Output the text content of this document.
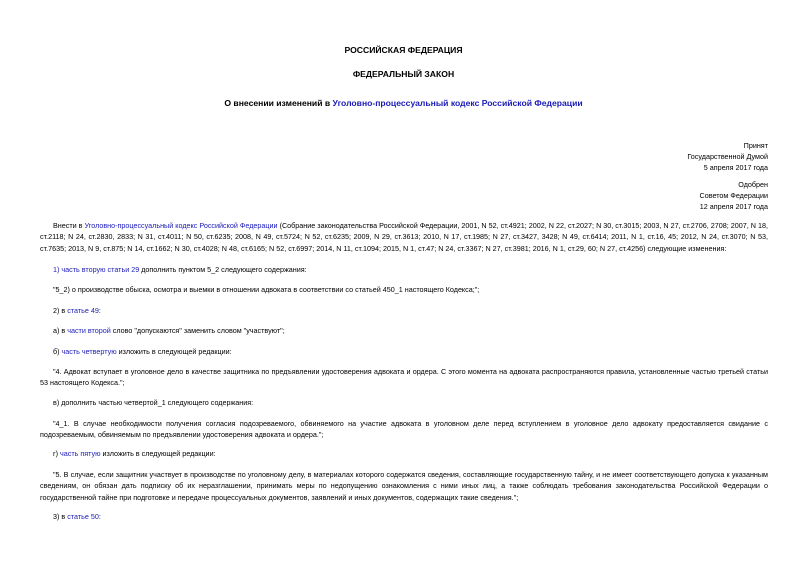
РОССИЙСКАЯ ФЕДЕРАЦИЯ
ФЕДЕРАЛЬНЫЙ ЗАКОН
О внесении изменений в Уголовно-процессуальный кодекс Российской Федерации
Принят
Государственной Думой
5 апреля 2017 года
Одобрен
Советом Федерации
12 апреля 2017 года
Внести в Уголовно-процессуальный кодекс Российской Федерации (Собрание законодательства Российской Федерации, 2001, N 52, ст.4921; 2002, N 22, ст.2027; N 30, ст.3015; 2003, N 27, ст.2706, 2708; 2007, N 18, ст.2118; N 24, ст.2830, 2833; N 31, ст.4011; N 50, ст.6235; 2008, N 49, ст.5724; N 52, ст.6235; 2009, N 29, ст.3613; 2010, N 17, ст.1985; N 27, ст.3427, 3428; N 49, ст.6414; 2011, N 1, ст.16, 45; 2012, N 24, ст.3070; N 53, ст.7635; 2013, N 9, ст.875; N 14, ст.1662; N 30, ст.4028; N 48, ст.6165; N 52, ст.6997; 2014, N 11, ст.1094; 2015, N 1, ст.47; N 24, ст.3367; N 27, ст.3981; 2016, N 1, ст.29, 60; N 27, ст.4256) следующие изменения:
1) часть вторую статьи 29 дополнить пунктом 5_2 следующего содержания:
"5_2) о производстве обыска, осмотра и выемки в отношении адвоката в соответствии со статьей 450_1 настоящего Кодекса;";
2) в статье 49:
а) в части второй слово "допускаются" заменить словом "участвуют";
б) часть четвертую изложить в следующей редакции:
"4. Адвокат вступает в уголовное дело в качестве защитника по предъявлении удостоверения адвоката и ордера. С этого момента на адвоката распространяются правила, установленные частью третьей статьи 53 настоящего Кодекса.";
в) дополнить частью четвертой_1 следующего содержания:
"4_1. В случае необходимости получения согласия подозреваемого, обвиняемого на участие адвоката в уголовном деле перед вступлением в уголовное дело адвокату предоставляется свидание с подозреваемым, обвиняемым по предъявлении удостоверения адвоката и ордера.";
г) часть пятую изложить в следующей редакции:
"5. В случае, если защитник участвует в производстве по уголовному делу, в материалах которого содержатся сведения, составляющие государственную тайну, и не имеет соответствующего допуска к указанным сведениям, он обязан дать подписку об их неразглашении, принимать меры по недопущению ознакомления с ними иных лиц, а также соблюдать требования законодательства Российской Федерации о государственной тайне при подготовке и передаче процессуальных документов, заявлений и иных документов, содержащих такие сведения.";
3) в статье 50:
